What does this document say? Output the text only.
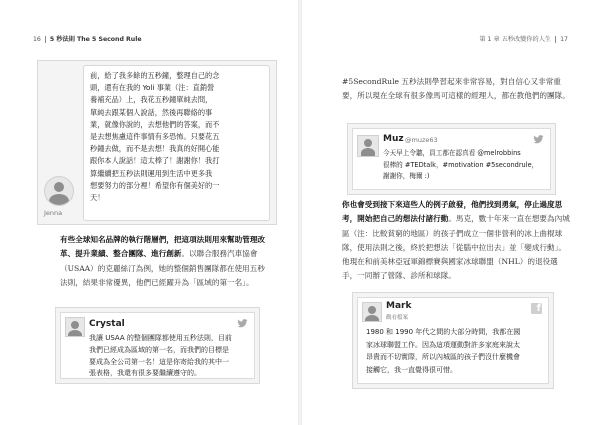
16 5 秒法則 The 5 Second Rule
Jenna
前，給了我多餘的五秒鐘，整理自己的念
頭，還有在我的 Yoli 事業（注：直銷營
養補充品）上，我花五秒鐘單純去問，
單純去跟某個人說話，然後再聯絡的事
業，就像你說的，去想他們的答案，而不
是去想焦慮這件事情有多恐怖。只要花五
秒鐘去做，而不是去想！我真的好開心能
跟你本人說話！這太棒了！謝謝你！我打
算繼續把五秒法則運用到生活中更多我
想要努力的部分裡！希望你有個美好的一
天！
有些全球知名品牌的執行階層們，把這項法則用來幫助管理改革、提升業績、整合團隊、進行創新。以聯合服務汽車協會（USAA）的克麗絲汀為例，她的整個銷售團隊都在使用五秒法則，結果非常優異，他們已經躍升為「區域的第一名」。
Crystal
我讓 USAA 的整個團隊都使用五秒法則，目前
我們已經成為區域的第一名，而我們的目標是
要成為全公司第一名！這是你寄給我的其中一
張表格，我還有很多要繼續遵守的。
第 1 章 五秒改變你的人生 17
#5SecondRule 五秒法則學習起來非常容易，對自信心又非常重要，所以現在全球有很多像馬可這樣的經理人，都在教他們的團隊。
Muz @muze63
今天早上令聽，員工都在認真看 @melrobbins
很棒的 #TEDtalk，#motivation #5secondrule，
謝謝你，梅爾 :)
你也會受到接下來這些人的例子啟發，他們找到勇氣，停止過度思考，開始把自己的想法付諸行動。馬克，數十年來一直在想要為內城區（注：比較貧窮的地區）的孩子們成立一個非營利的冰上曲棍球隊，使用法則之後，終於把想法「從腦中拉出去」並「變成行動」。他現在和前美林亞冠軍錦標賽與國家冰球聯盟（NHL）的退役選手，一同辦了營隊、診所和球隊。
Mark
觀看檔案
f
1980 和 1990 年代之間的大部分時間，我都在國
家冰球聯盟工作。因為這項運動對許多家庭來說太
昂貴而不切實際，所以內城區的孩子們沒什麼機會
接觸它，我一直覺得很可惜。
